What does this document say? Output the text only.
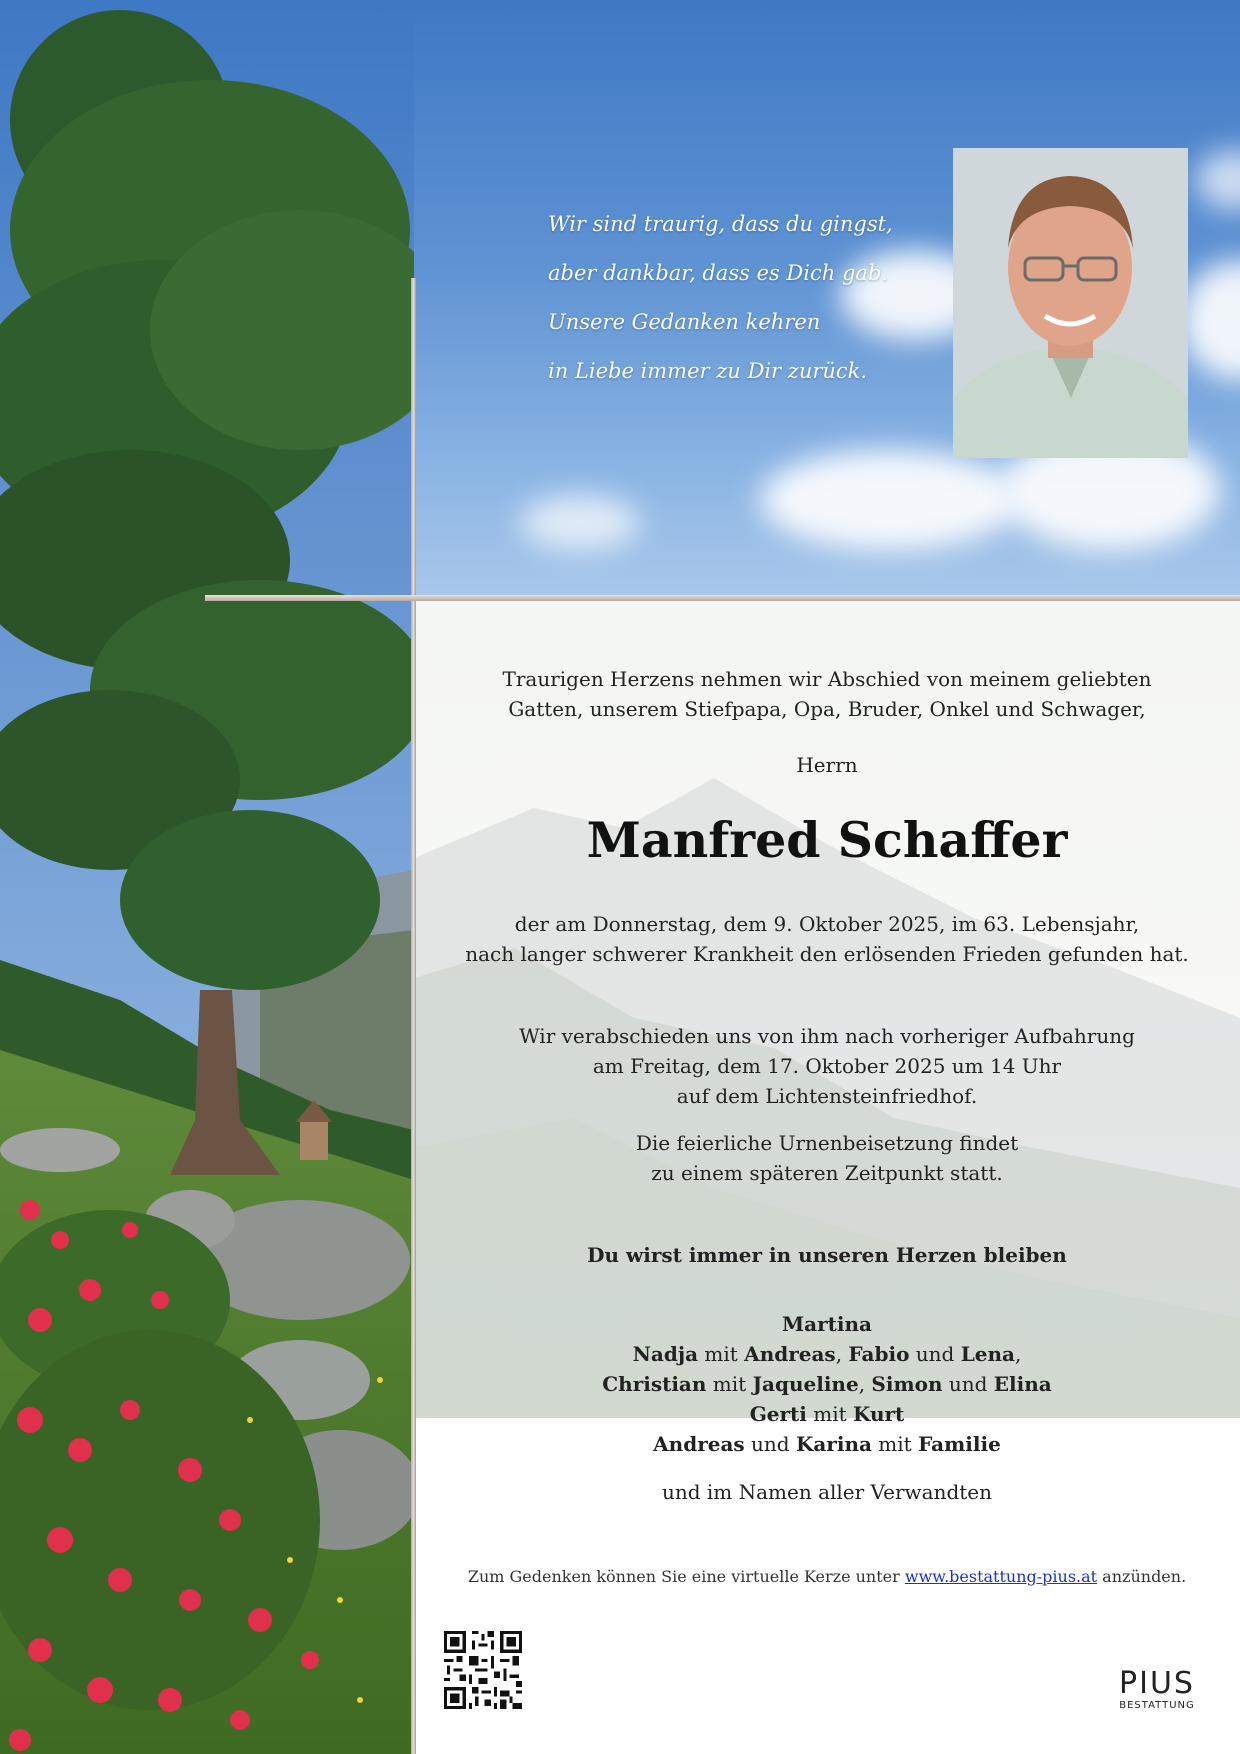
Wir sind traurig, dass du gingst,
aber dankbar, dass es Dich gab.
Unsere Gedanken kehren
in Liebe immer zu Dir zurück.
Traurigen Herzens nehmen wir Abschied von meinem geliebten
Gatten, unserem Stiefpapa, Opa, Bruder, Onkel und Schwager,
Herrn
Manfred Schaffer
der am Donnerstag, dem 9. Oktober 2025, im 63. Lebensjahr,
nach langer schwerer Krankheit den erlösenden Frieden gefunden hat.
Wir verabschieden uns von ihm nach vorheriger Aufbahrung
am Freitag, dem 17. Oktober 2025 um 14 Uhr
auf dem Lichtensteinfriedhof.
Die feierliche Urnenbeisetzung findet
zu einem späteren Zeitpunkt statt.
Du wirst immer in unseren Herzen bleiben
Martina
Nadja mit Andreas, Fabio und Lena,
Christian mit Jaqueline, Simon und Elina
Gerti mit Kurt
Andreas und Karina mit Familie
und im Namen aller Verwandten
Zum Gedenken können Sie eine virtuelle Kerze unter www.bestattung-pius.at anzünden.
PIUS
BESTATTUNG
